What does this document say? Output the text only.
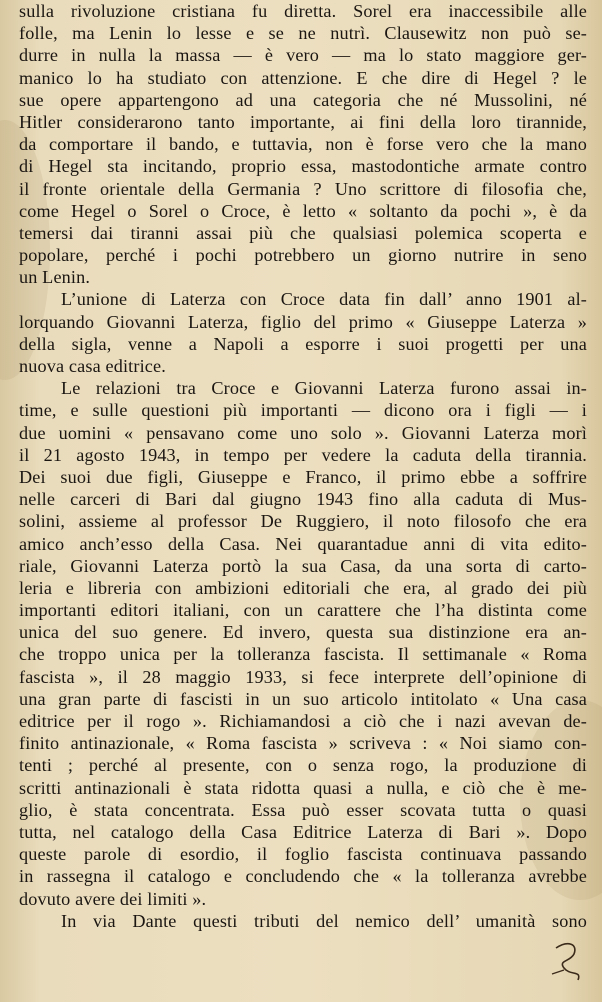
sulla rivoluzione cristiana fu diretta. Sorel era inaccessibile alle
folle, ma Lenin lo lesse e se ne nutrì. Clausewitz non può se-
durre in nulla la massa — è vero — ma lo stato maggiore ger-
manico lo ha studiato con attenzione. E che dire di Hegel ? le
sue opere appartengono ad una categoria che né Mussolini, né
Hitler considerarono tanto importante, ai fini della loro tirannide,
da comportare il bando, e tuttavia, non è forse vero che la mano
di Hegel sta incitando, proprio essa, mastodontiche armate contro
il fronte orientale della Germania ? Uno scrittore di filosofia che,
come Hegel o Sorel o Croce, è letto « soltanto da pochi », è da
temersi dai tiranni assai più che qualsiasi polemica scoperta e
popolare, perché i pochi potrebbero un giorno nutrire in seno
un Lenin.
L’unione di Laterza con Croce data fin dall’ anno 1901 al-
lorquando Giovanni Laterza, figlio del primo « Giuseppe Laterza »
della sigla, venne a Napoli a esporre i suoi progetti per una
nuova casa editrice.
Le relazioni tra Croce e Giovanni Laterza furono assai in-
time, e sulle questioni più importanti — dicono ora i figli — i
due uomini « pensavano come uno solo ». Giovanni Laterza morì
il 21 agosto 1943, in tempo per vedere la caduta della tirannia.
Dei suoi due figli, Giuseppe e Franco, il primo ebbe a soffrire
nelle carceri di Bari dal giugno 1943 fino alla caduta di Mus-
solini, assieme al professor De Ruggiero, il noto filosofo che era
amico anch’esso della Casa. Nei quarantadue anni di vita edito-
riale, Giovanni Laterza portò la sua Casa, da una sorta di carto-
leria e libreria con ambizioni editoriali che era, al grado dei più
importanti editori italiani, con un carattere che l’ha distinta come
unica del suo genere. Ed invero, questa sua distinzione era an-
che troppo unica per la tolleranza fascista. Il settimanale « Roma
fascista », il 28 maggio 1933, si fece interprete dell’opinione di
una gran parte di fascisti in un suo articolo intitolato « Una casa
editrice per il rogo ». Richiamandosi a ciò che i nazi avevan de-
finito antinazionale, « Roma fascista » scriveva : « Noi siamo con-
tenti ; perché al presente, con o senza rogo, la produzione di
scritti antinazionali è stata ridotta quasi a nulla, e ciò che è me-
glio, è stata concentrata. Essa può esser scovata tutta o quasi
tutta, nel catalogo della Casa Editrice Laterza di Bari ». Dopo
queste parole di esordio, il foglio fascista continuava passando
in rassegna il catalogo e concludendo che « la tolleranza avrebbe
dovuto avere dei limiti ».
In via Dante questi tributi del nemico dell’ umanità sono
